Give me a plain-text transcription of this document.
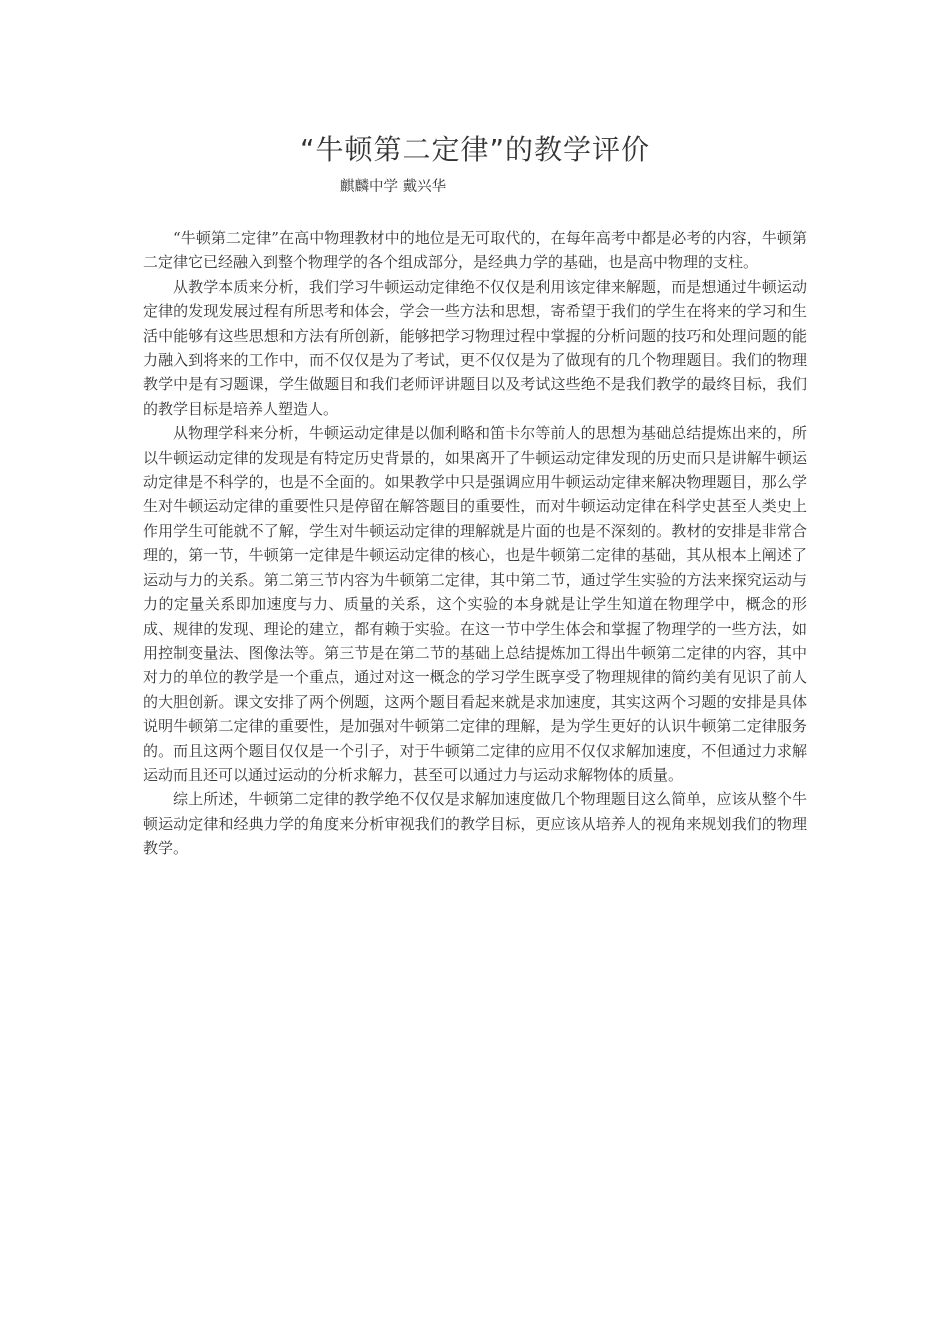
“牛顿第二定律”的教学评价
麒麟中学 戴兴华

“牛顿第二定律”在高中物理教材中的地位是无可取代的，在每年高考中都是必考的内容，牛顿第二定律它已经融入到整个物理学的各个组成部分，是经典力学的基础，也是高中物理的支柱。

从教学本质来分析，我们学习牛顿运动定律绝不仅仅是利用该定律来解题，而是想通过牛顿运动定律的发现发展过程有所思考和体会，学会一些方法和思想，寄希望于我们的学生在将来的学习和生活中能够有这些思想和方法有所创新，能够把学习物理过程中掌握的分析问题的技巧和处理问题的能力融入到将来的工作中，而不仅仅是为了考试，更不仅仅是为了做现有的几个物理题目。我们的物理教学中是有习题课，学生做题目和我们老师评讲题目以及考试这些绝不是我们教学的最终目标，我们的教学目标是培养人塑造人。

从物理学科来分析，牛顿运动定律是以伽利略和笛卡尔等前人的思想为基础总结提炼出来的，所以牛顿运动定律的发现是有特定历史背景的，如果离开了牛顿运动定律发现的历史而只是讲解牛顿运动定律是不科学的，也是不全面的。如果教学中只是强调应用牛顿运动定律来解决物理题目，那么学生对牛顿运动定律的重要性只是停留在解答题目的重要性，而对牛顿运动定律在科学史甚至人类史上作用学生可能就不了解，学生对牛顿运动定律的理解就是片面的也是不深刻的。教材的安排是非常合理的，第一节，牛顿第一定律是牛顿运动定律的核心，也是牛顿第二定律的基础，其从根本上阐述了运动与力的关系。第二第三节内容为牛顿第二定律，其中第二节，通过学生实验的方法来探究运动与力的定量关系即加速度与力、质量的关系，这个实验的本身就是让学生知道在物理学中，概念的形成、规律的发现、理论的建立，都有赖于实验。在这一节中学生体会和掌握了物理学的一些方法，如用控制变量法、图像法等。第三节是在第二节的基础上总结提炼加工得出牛顿第二定律的内容，其中对力的单位的教学是一个重点，通过对这一概念的学习学生既享受了物理规律的简约美有见识了前人的大胆创新。课文安排了两个例题，这两个题目看起来就是求加速度，其实这两个习题的安排是具体说明牛顿第二定律的重要性，是加强对牛顿第二定律的理解，是为学生更好的认识牛顿第二定律服务的。而且这两个题目仅仅是一个引子，对于牛顿第二定律的应用不仅仅求解加速度，不但通过力求解运动而且还可以通过运动的分析求解力，甚至可以通过力与运动求解物体的质量。

综上所述，牛顿第二定律的教学绝不仅仅是求解加速度做几个物理题目这么简单，应该从整个牛顿运动定律和经典力学的角度来分析审视我们的教学目标，更应该从培养人的视角来规划我们的物理教学。
